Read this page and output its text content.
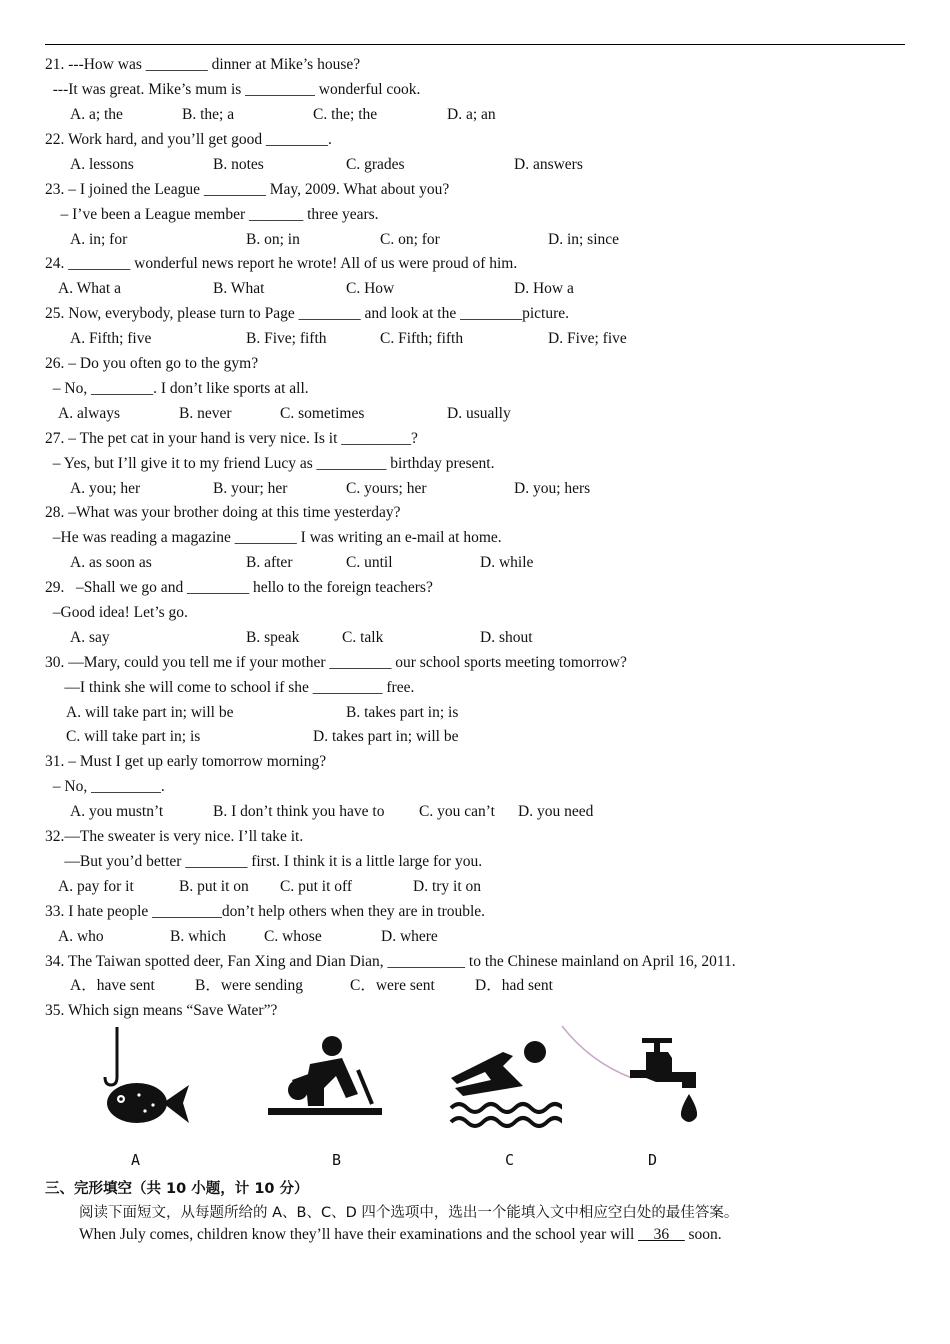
21. ---How was ________ dinner at Mike’s house?
---It was great. Mike’s mum is _________ wonderful cook.
A. a; the	B. the; a	C. the; the	D. a; an
22. Work hard, and you’ll get good ________.
A. lessons	B. notes	C. grades	D. answers
23. – I joined the League ________ May, 2009. What about you?
– I’ve been a League member _______ three years.
A. in; for	B. on; in	C. on; for	D. in; since
24. ________ wonderful news report he wrote! All of us were proud of him.
A. What a	B. What	C. How	D. How a
25. Now, everybody, please turn to Page ________ and look at the ________picture.
A. Fifth; five	B. Five; fifth	C. Fifth; fifth	D. Five; five
26. – Do you often go to the gym?
– No, ________. I don’t like sports at all.
A. always	B. never	C. sometimes	D. usually
27. – The pet cat in your hand is very nice. Is it _________?
– Yes, but I’ll give it to my friend Lucy as _________ birthday present.
A. you; her	B. your; her	C. yours; her	D. you; hers
28. –What was your brother doing at this time yesterday?
–He was reading a magazine ________ I was writing an e-mail at home.
A. as soon as	B. after	C. until	D. while
29.   –Shall we go and ________ hello to the foreign teachers?
–Good idea! Let’s go.
A. say	B. speak	C. talk	D. shout
30. —Mary, could you tell me if your mother ________ our school sports meeting tomorrow?
—I think she will come to school if she _________ free.
A. will take part in; will be	B. takes part in; is
C. will take part in; is	D. takes part in; will be
31. – Must I get up early tomorrow morning?
– No, _________.
A. you mustn’t	B. I don’t think you have to C. you can’t D. you need
32.—The sweater is very nice. I’ll take it.
—But you’d better ________ first. I think it is a little large for you.
A. pay for it	B. put it on C. put it off	D. try it on
33. I hate people _________don’t help others when they are in trouble.
A. who	B. which C. whose	D. where
34. The Taiwan spotted deer, Fan Xing and Dian Dian, __________ to the Chinese mainland on April 16, 2011.
A．have sent	B．were sending	C．were sent	D．had sent
35. Which sign means “Save Water”?
A	B	C	D
三、完形填空（共 10 小题，计 10 分）
阅读下面短文，从每题所给的 A、B、C、D 四个选项中，选出一个能填入文中相应空白处的最佳答案。
When July comes, children know they’ll have their examinations and the school year will __36__ soon.
